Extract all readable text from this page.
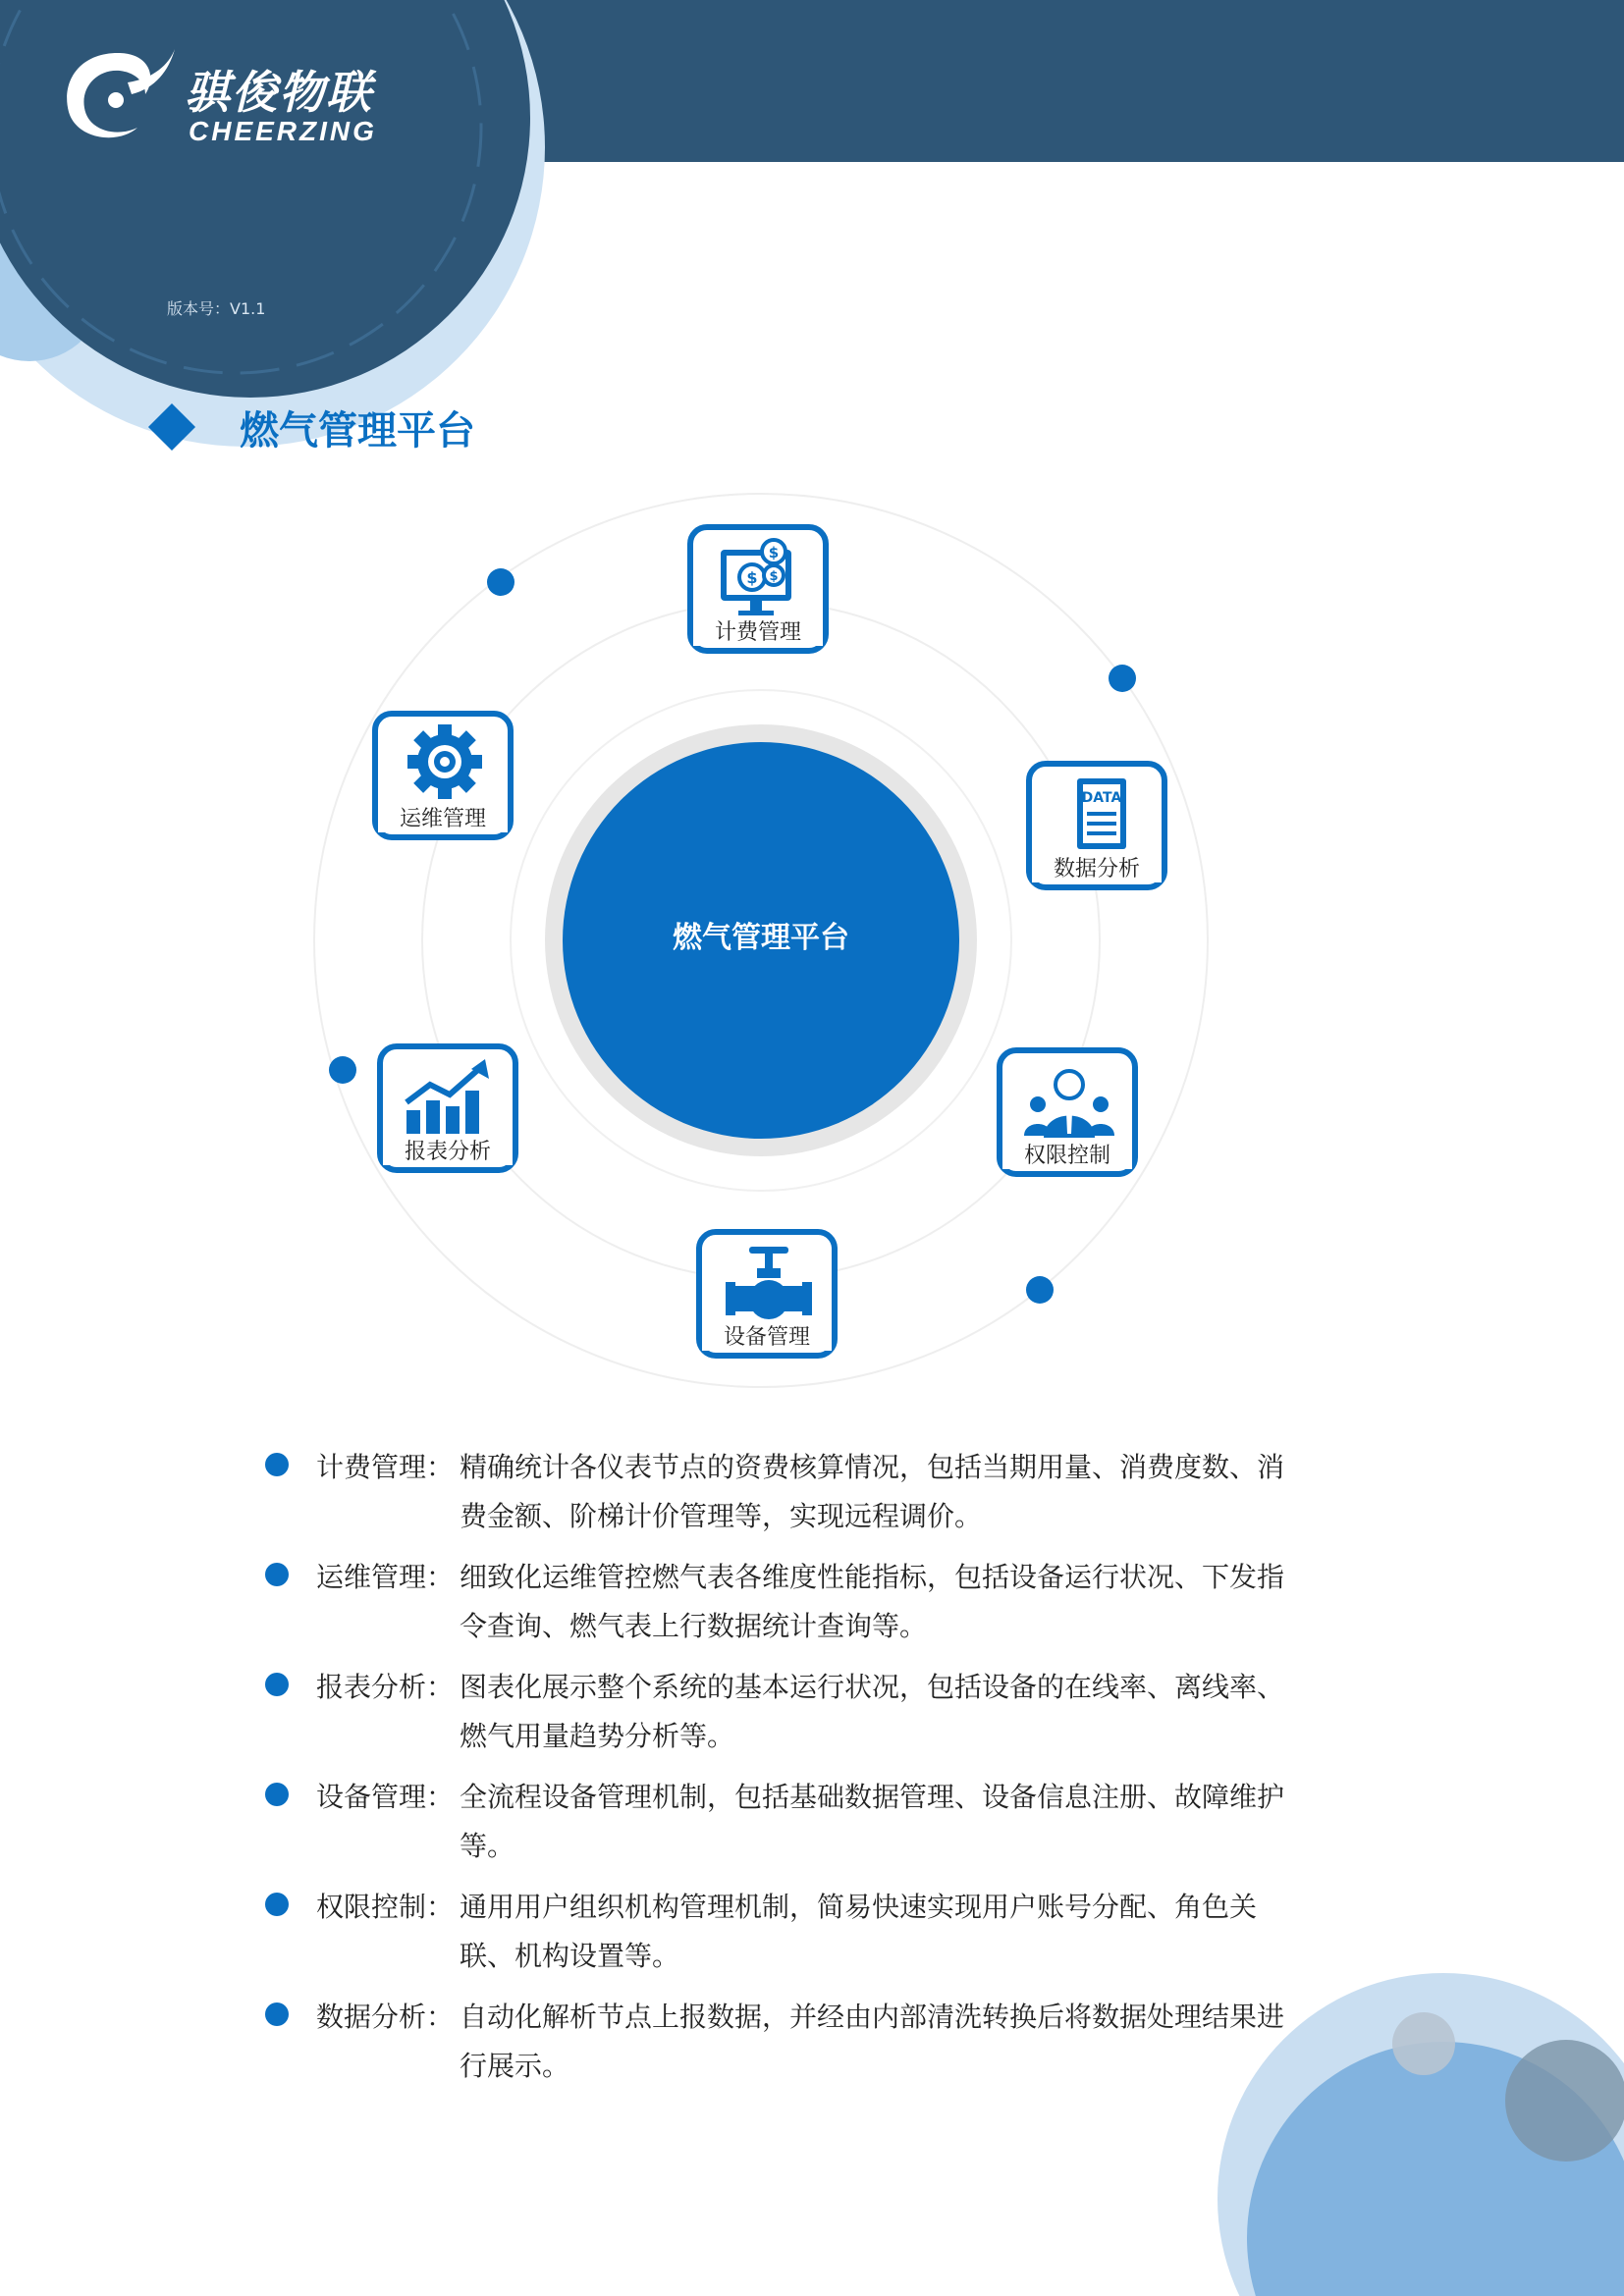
骐俊物联
CHEERZING
版本号：V1.1
燃气管理平台
燃气管理平台
$
$
$
计费管理
DATA
数据分析
权限控制
设备管理
报表分析
运维管理
计费管理： 精确统计各仪表节点的资费核算情况，包括当期用量、消费度数、消费金额、阶梯计价管理等，实现远程调价。
运维管理： 细致化运维管控燃气表各维度性能指标，包括设备运行状况、下发指令查询、燃气表上行数据统计查询等。
报表分析： 图表化展示整个系统的基本运行状况，包括设备的在线率、离线率、燃气用量趋势分析等。
设备管理： 全流程设备管理机制，包括基础数据管理、设备信息注册、故障维护等。
权限控制： 通用用户组织机构管理机制，简易快速实现用户账号分配、角色关联、机构设置等。
数据分析： 自动化解析节点上报数据，并经由内部清洗转换后将数据处理结果进行展示。
